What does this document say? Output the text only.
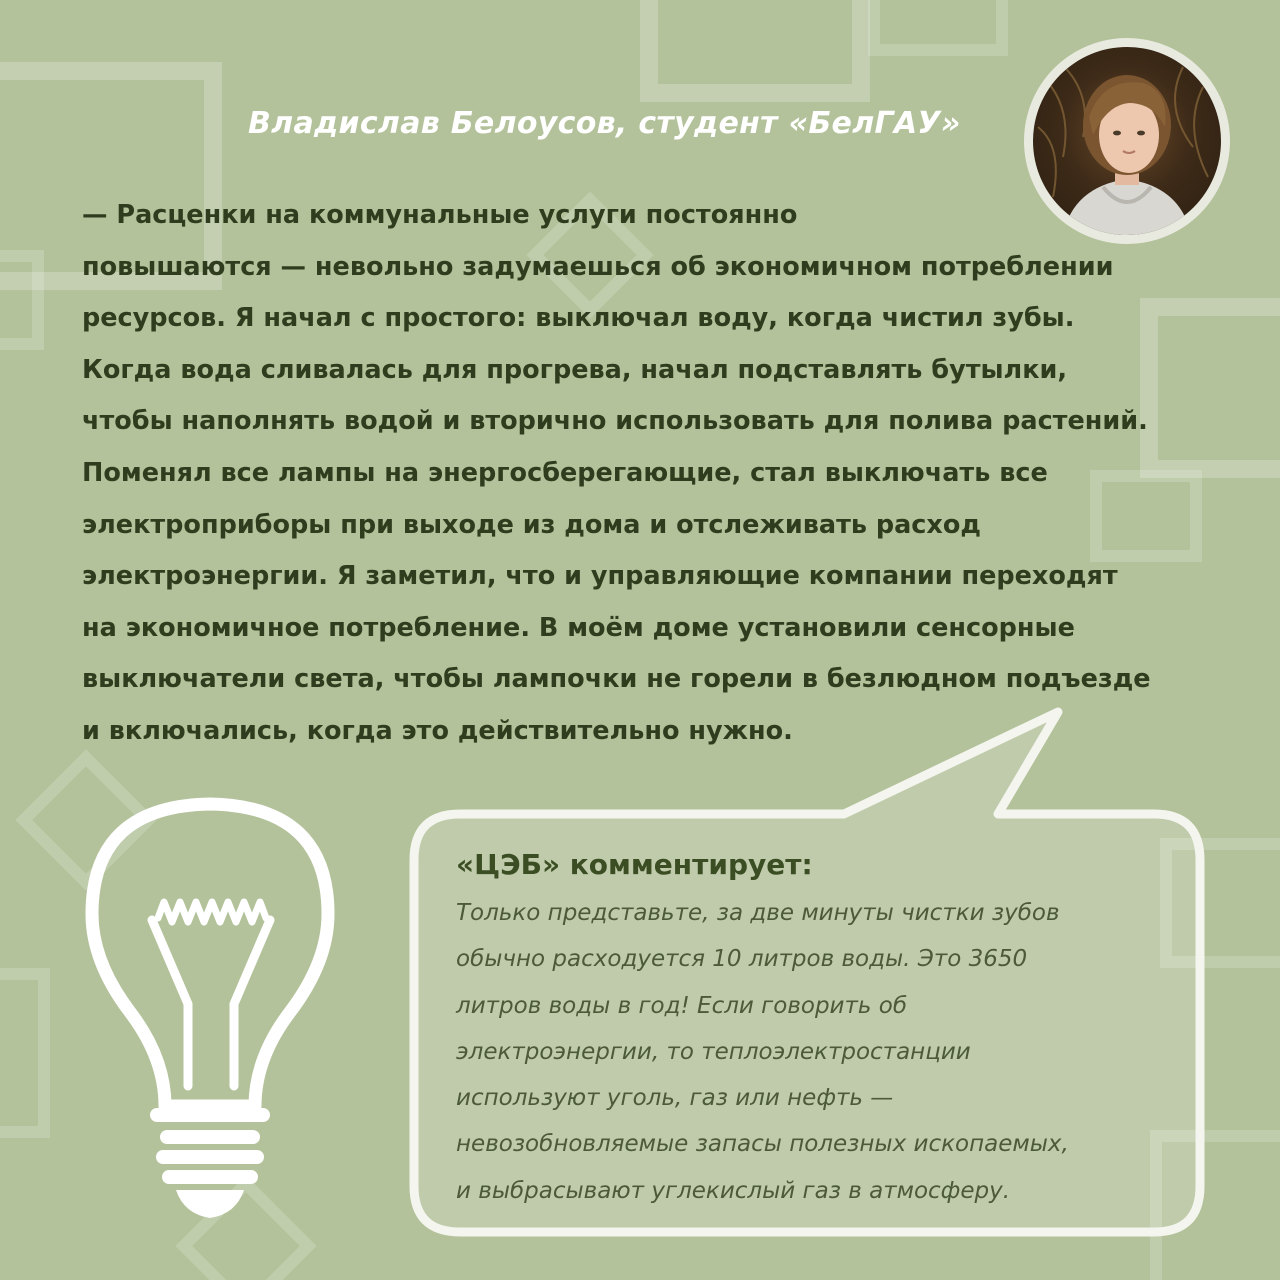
Владислав Белоусов, студент «БелГАУ»
— Расценки на коммунальные услуги постоянно
повышаются — невольно задумаешься об экономичном потреблении
ресурсов. Я начал с простого: выключал воду, когда чистил зубы.
Когда вода сливалась для прогрева, начал подставлять бутылки,
чтобы наполнять водой и вторично использовать для полива растений.
Поменял все лампы на энергосберегающие, стал выключать все
электроприборы при выходе из дома и отслеживать расход
электроэнергии. Я заметил, что и управляющие компании переходят
на экономичное потребление. В моём доме установили сенсорные
выключатели света, чтобы лампочки не горели в безлюдном подъезде
и включались, когда это действительно нужно.
«ЦЭБ» комментирует:
Только представьте, за две минуты чистки зубов
обычно расходуется 10 литров воды. Это 3650
литров воды в год! Если говорить об
электроэнергии, то теплоэлектростанции
используют уголь, газ или нефть —
невозобновляемые запасы полезных ископаемых,
и выбрасывают углекислый газ в атмосферу.
